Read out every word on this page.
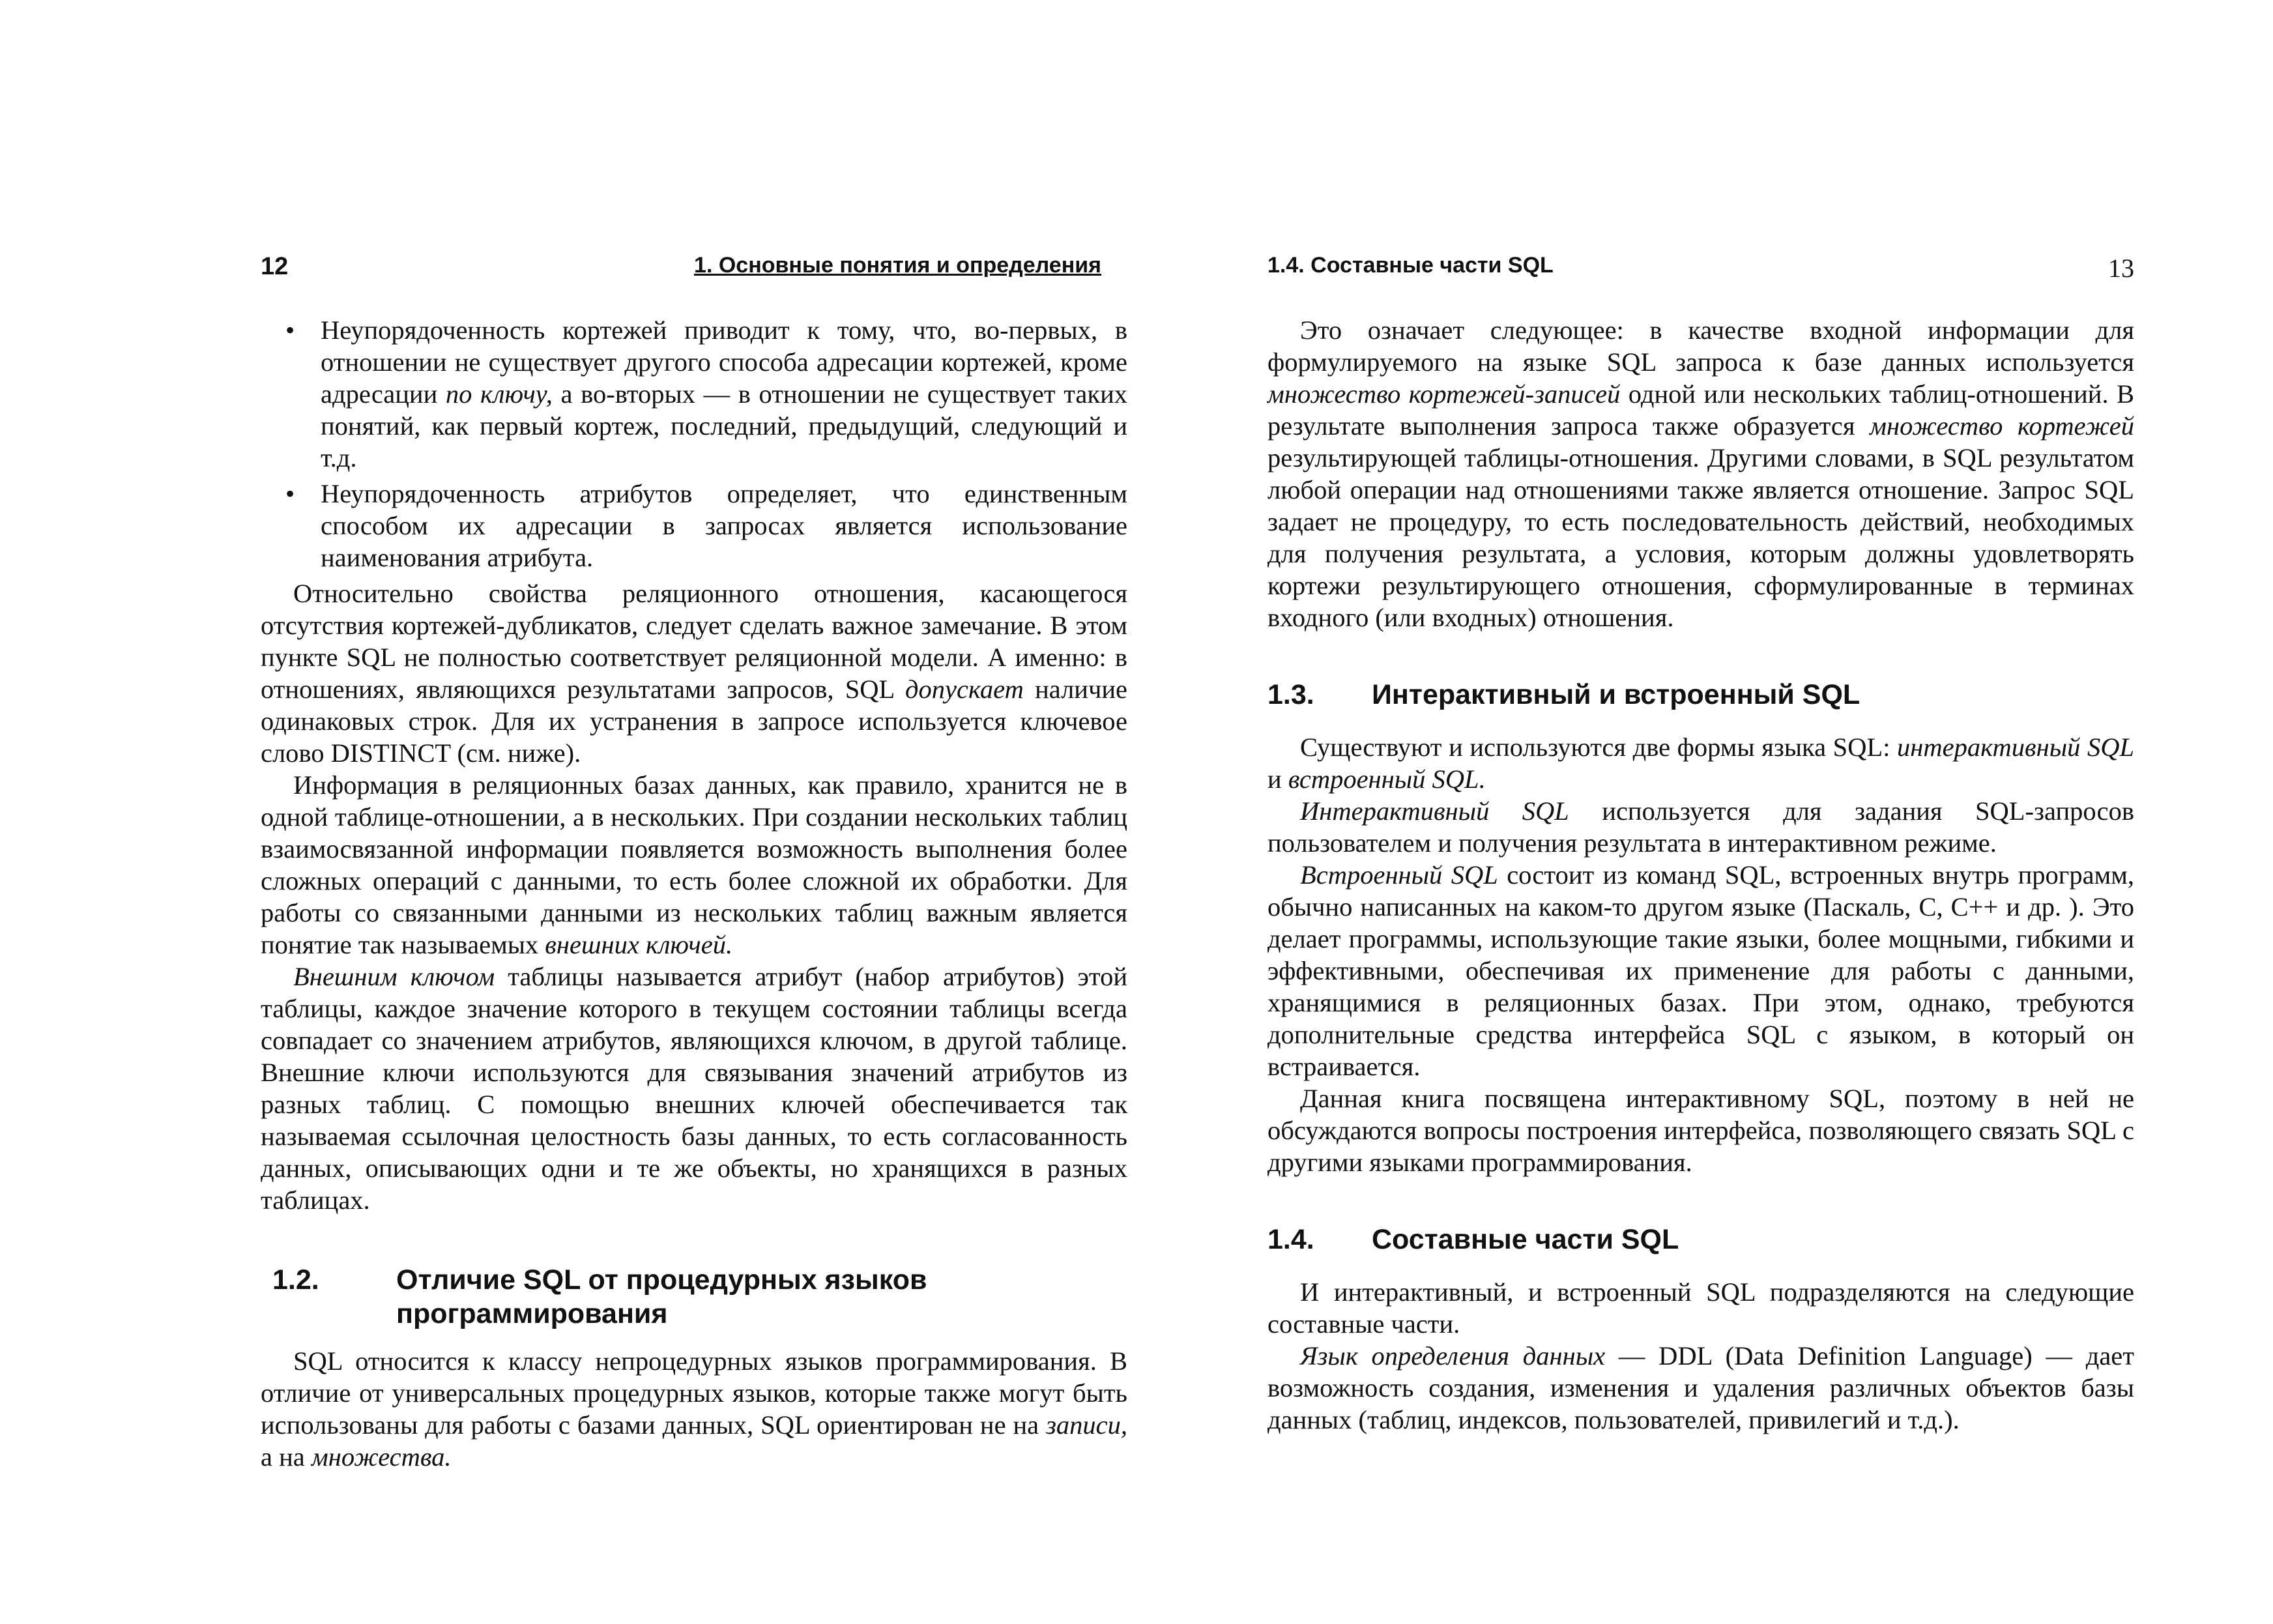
12	1. Основные понятия и определения
• Неупорядоченность кортежей приводит к тому, что, во-первых, в отношении не существует другого способа адресации кортежей, кроме адресации по ключу, а во-вторых — в отношении не существует таких понятий, как первый кортеж, последний, предыдущий, следующий и т.д.
• Неупорядоченность атрибутов определяет, что единственным способом их адресации в запросах является использование наименования атрибута.

Относительно свойства реляционного отношения, касающегося отсутствия кортежей-дубликатов, следует сделать важное замечание. В этом пункте SQL не полностью соответствует реляционной модели. А именно: в отношениях, являющихся результатами запросов, SQL допускает наличие одинаковых строк. Для их устранения в запросе используется ключевое слово DISTINCT (см. ниже).

Информация в реляционных базах данных, как правило, хранится не в одной таблице-отношении, а в нескольких. При создании нескольких таблиц взаимосвязанной информации появляется возможность выполнения более сложных операций с данными, то есть более сложной их обработки. Для работы со связанными данными из нескольких таблиц важным является понятие так называемых внешних ключей.

Внешним ключом таблицы называется атрибут (набор атрибутов) этой таблицы, каждое значение которого в текущем состоянии таблицы всегда совпадает со значением атрибутов, являющихся ключом, в другой таблице. Внешние ключи используются для связывания значений атрибутов из разных таблиц. С помощью внешних ключей обеспечивается так называемая ссылочная целостность базы данных, то есть согласованность данных, описывающих одни и те же объекты, но хранящихся в разных таблицах.

1.2.	Отличие SQL от процедурных языков
программирования

SQL относится к классу непроцедурных языков программирования. В отличие от универсальных процедурных языков, которые также могут быть использованы для работы с базами данных, SQL ориентирован не на записи, а на множества.

1.4. Составные части SQL	13

Это означает следующее: в качестве входной информации для формулируемого на языке SQL запроса к базе данных используется множество кортежей-записей одной или нескольких таблиц-отношений. В результате выполнения запроса также образуется множество кортежей результирующей таблицы-отношения. Другими словами, в SQL результатом любой операции над отношениями также является отношение. Запрос SQL задает не процедуру, то есть последовательность действий, необходимых для получения результата, а условия, которым должны удовлетворять кортежи результирующего отношения, сформулированные в терминах входного (или входных) отношения.

1.3. Интерактивный и встроенный SQL

Существуют и используются две формы языка SQL: интерактивный SQL и встроенный SQL.

Интерактивный SQL используется для задания SQL-запросов пользователем и получения результата в интерактивном режиме.

Встроенный SQL состоит из команд SQL, встроенных внутрь программ, обычно написанных на каком-то другом языке (Паскаль, С, С++ и др. ). Это делает программы, использующие такие языки, более мощными, гибкими и эффективными, обеспечивая их применение для работы с данными, хранящимися в реляционных базах. При этом, однако, требуются дополнительные средства интерфейса SQL с языком, в который он встраивается.

Данная книга посвящена интерактивному SQL, поэтому в ней не обсуждаются вопросы построения интерфейса, позволяющего связать SQL с другими языками программирования.

1.4. Составные части SQL

И интерактивный, и встроенный SQL подразделяются на следующие составные части.

Язык определения данных — DDL (Data Definition Language) — дает возможность создания, изменения и удаления различных объектов базы данных (таблиц, индексов, пользователей, привилегий и т.д.).
